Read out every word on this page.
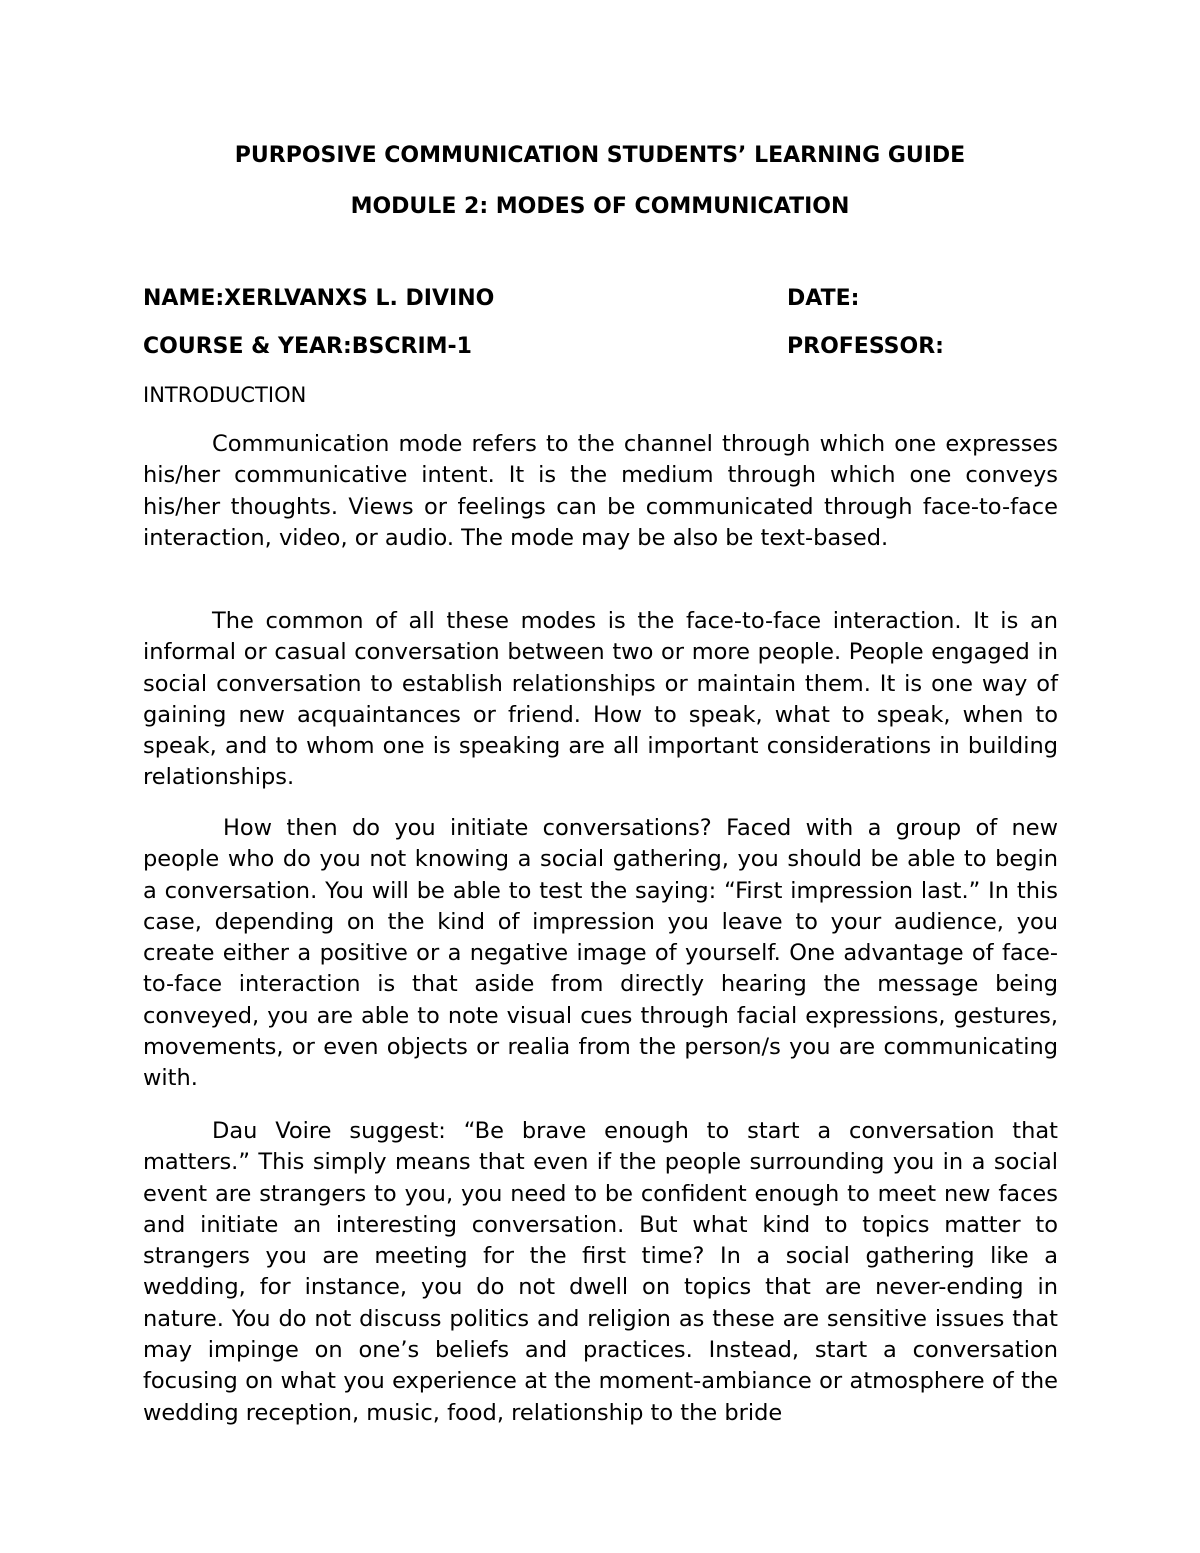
PURPOSIVE COMMUNICATION STUDENTS’ LEARNING GUIDE
MODULE 2: MODES OF COMMUNICATION
NAME:XERLVANXS L. DIVINO	DATE:
COURSE & YEAR:BSCRIM-1	PROFESSOR:
INTRODUCTION

Communication mode refers to the channel through which one expresses his/her communicative intent. It is the medium through which one conveys his/her thoughts. Views or feelings can be communicated through face-to-face interaction, video, or audio. The mode may be also be text-based.

The common of all these modes is the face-to-face interaction. It is an informal or casual conversation between two or more people. People engaged in social conversation to establish relationships or maintain them. It is one way of gaining new acquaintances or friend. How to speak, what to speak, when to speak, and to whom one is speaking are all important considerations in building relationships.

How then do you initiate conversations? Faced with a group of new people who do you not knowing a social gathering, you should be able to begin a conversation. You will be able to test the saying: “First impression last.” In this case, depending on the kind of impression you leave to your audience, you create either a positive or a negative image of yourself. One advantage of face-to-face interaction is that aside from directly hearing the message being conveyed, you are able to note visual cues through facial expressions, gestures, movements, or even objects or realia from the person/s you are communicating with.

Dau Voire suggest: “Be brave enough to start a conversation that matters.” This simply means that even if the people surrounding you in a social event are strangers to you, you need to be confident enough to meet new faces and initiate an interesting conversation. But what kind to topics matter to strangers you are meeting for the first time? In a social gathering like a wedding, for instance, you do not dwell on topics that are never-ending in nature. You do not discuss politics and religion as these are sensitive issues that may impinge on one’s beliefs and practices. Instead, start a conversation focusing on what you experience at the moment-ambiance or atmosphere of the wedding reception, music, food, relationship to the bride
